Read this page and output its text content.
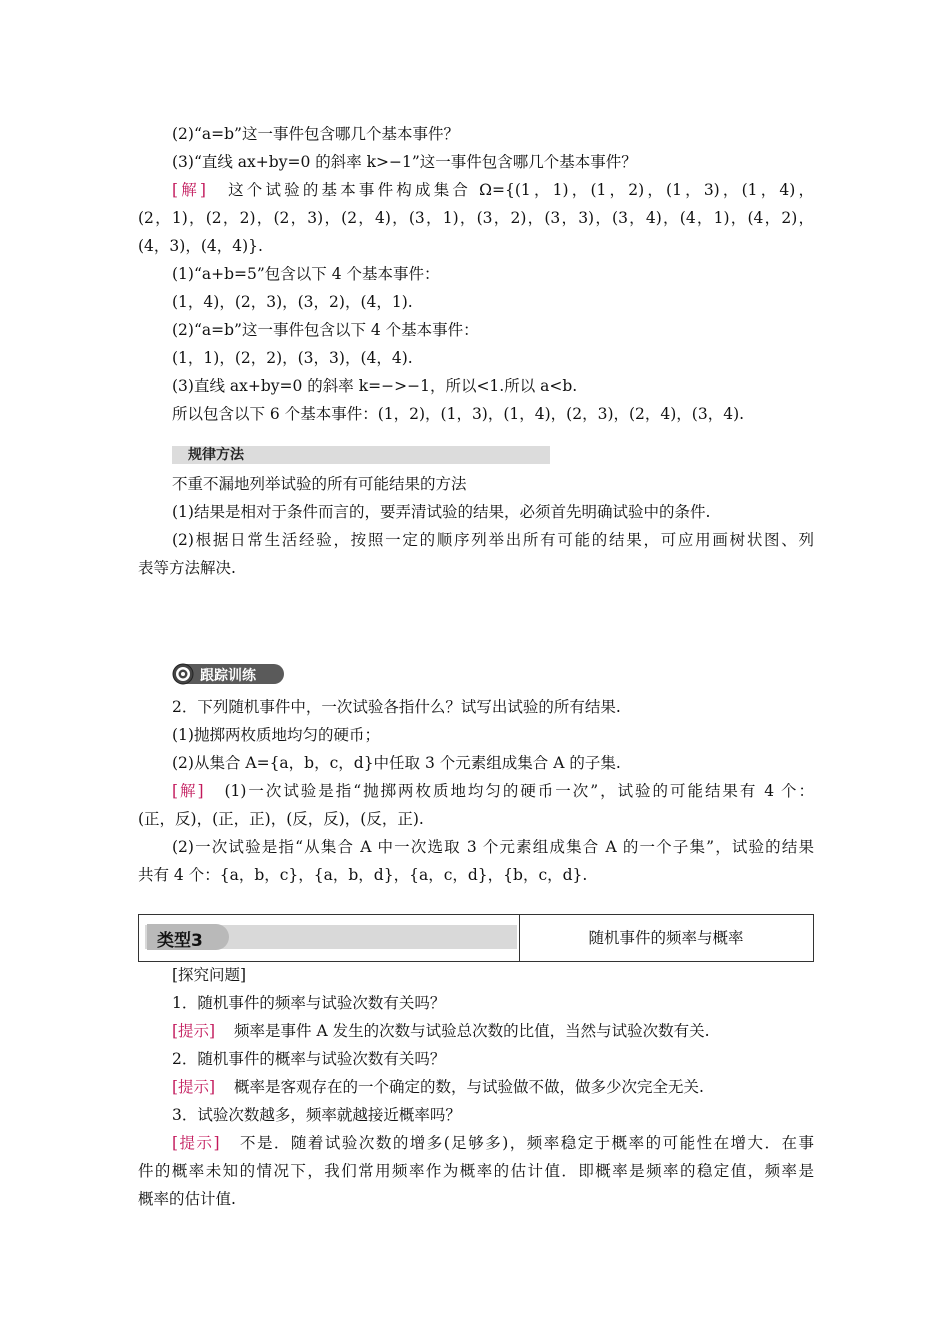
(2)“a=b”这一事件包含哪几个基本事件？
(3)“直线 ax+by=0 的斜率 k>−1”这一事件包含哪几个基本事件？
[解] 这个试验的基本事件构成集合 Ω={(1，1)，(1，2)，(1，3)，(1，4)，
(2，1)，(2，2)，(2，3)，(2，4)，(3，1)，(3，2)，(3，3)，(3，4)，(4，1)，(4，2)，
(4，3)，(4，4)}.
(1)“a+b=5”包含以下 4 个基本事件：
(1，4)，(2，3)，(3，2)，(4，1).
(2)“a=b”这一事件包含以下 4 个基本事件：
(1，1)，(2，2)，(3，3)，(4，4).
(3)直线 ax+by=0 的斜率 k=−>−1，所以<1.所以 a<b.
所以包含以下 6 个基本事件：(1，2)，(1，3)，(1，4)，(2，3)，(2，4)，(3，4).
规律方法
不重不漏地列举试验的所有可能结果的方法
(1)结果是相对于条件而言的，要弄清试验的结果，必须首先明确试验中的条件.
(2)根据日常生活经验，按照一定的顺序列举出所有可能的结果，可应用画树状图、列
表等方法解决.
跟踪训练
2．下列随机事件中，一次试验各指什么？试写出试验的所有结果.
(1)抛掷两枚质地均匀的硬币；
(2)从集合 A={a，b，c，d}中任取 3 个元素组成集合 A 的子集.
[解] (1)一次试验是指“抛掷两枚质地均匀的硬币一次”，试验的可能结果有 4 个：
(正，反)，(正，正)，(反，反)，(反，正).
(2)一次试验是指“从集合 A 中一次选取 3 个元素组成集合 A 的一个子集”，试验的结果
共有 4 个：{a，b，c}，{a，b，d}，{a，c，d}，{b，c，d}.
类型3	随机事件的频率与概率
[探究问题]
1．随机事件的频率与试验次数有关吗？
[提示] 频率是事件 A 发生的次数与试验总次数的比值，当然与试验次数有关.
2．随机事件的概率与试验次数有关吗？
[提示] 概率是客观存在的一个确定的数，与试验做不做，做多少次完全无关.
3．试验次数越多，频率就越接近概率吗？
[提示] 不是．随着试验次数的增多(足够多)，频率稳定于概率的可能性在增大．在事
件的概率未知的情况下，我们常用频率作为概率的估计值．即概率是频率的稳定值，频率是
概率的估计值.
